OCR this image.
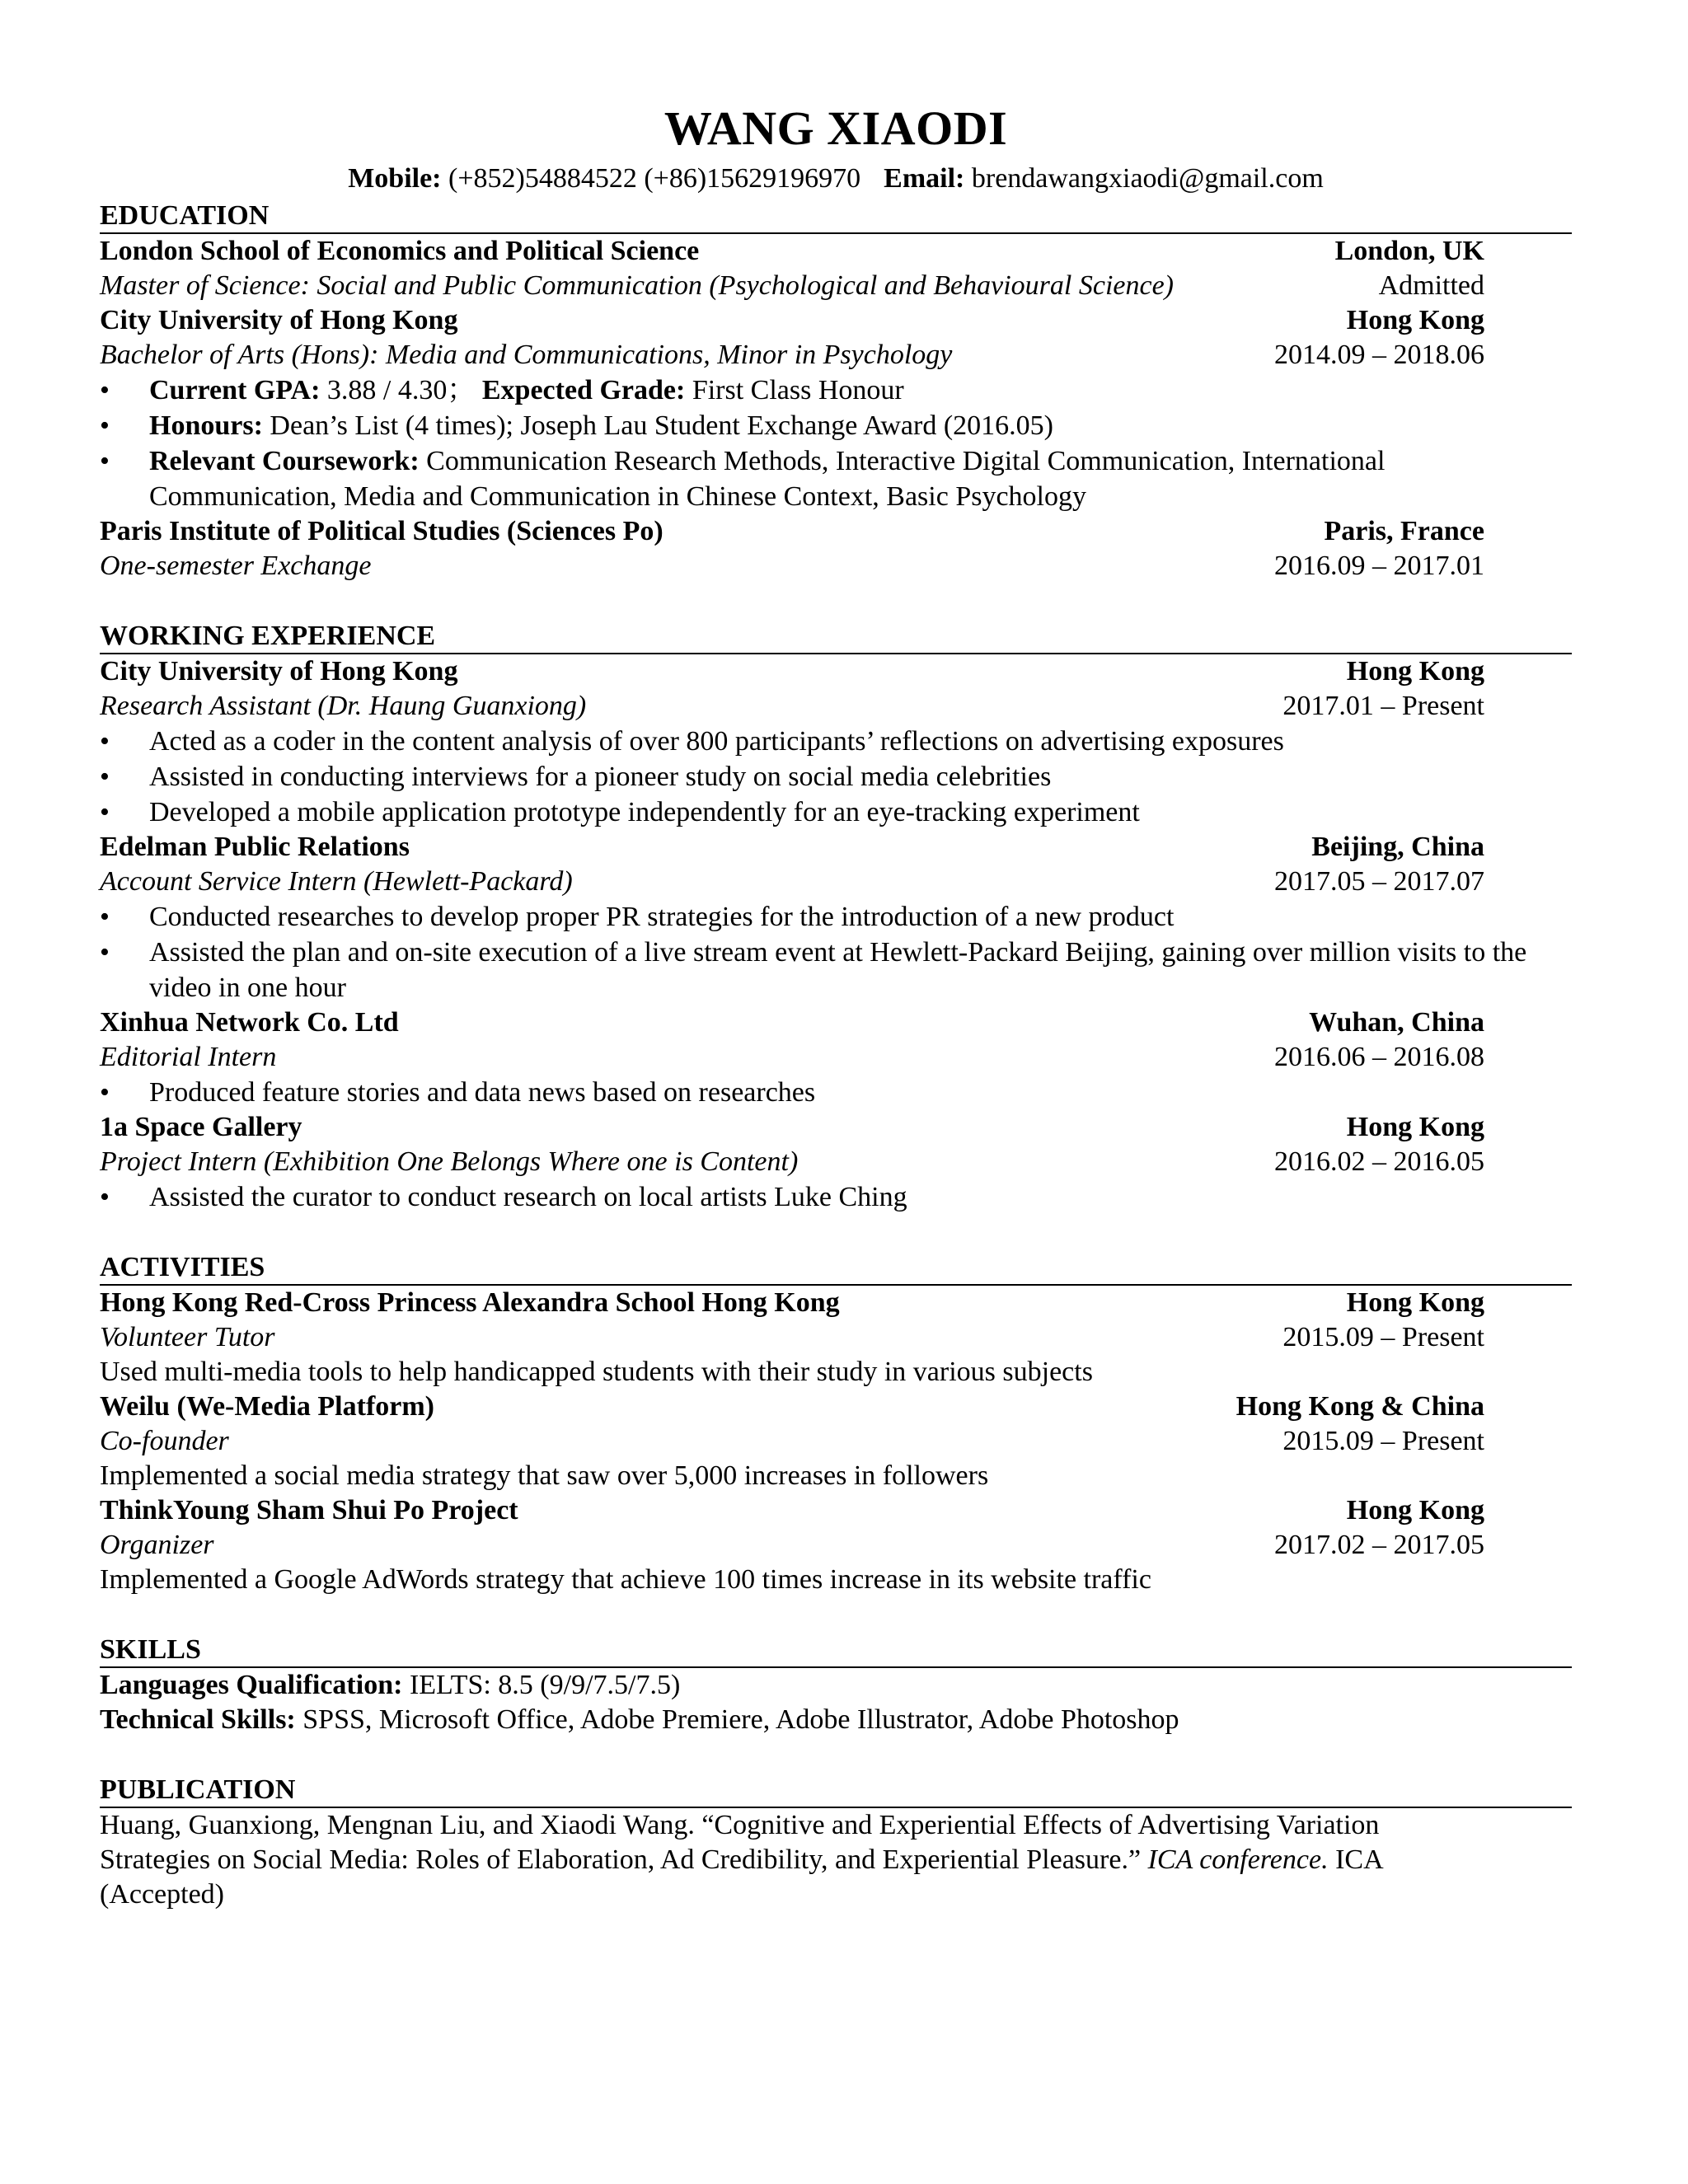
WANG XIAODI
Mobile: (+852)54884522 (+86)15629196970 Email: brendawangxiaodi@gmail.com
EDUCATION
London School of Economics and Political Science	London, UK
Master of Science: Social and Public Communication (Psychological and Behavioural Science)	Admitted
City University of Hong Kong	Hong Kong
Bachelor of Arts (Hons): Media and Communications, Minor in Psychology	2014.09 – 2018.06
• Current GPA: 3.88 / 4.30； Expected Grade: First Class Honour
• Honours: Dean’s List (4 times); Joseph Lau Student Exchange Award (2016.05)
• Relevant Coursework: Communication Research Methods, Interactive Digital Communication, International Communication, Media and Communication in Chinese Context, Basic Psychology
Paris Institute of Political Studies (Sciences Po)	Paris, France
One-semester Exchange	2016.09 – 2017.01
WORKING EXPERIENCE
City University of Hong Kong	Hong Kong
Research Assistant (Dr. Haung Guanxiong)	2017.01 – Present
• Acted as a coder in the content analysis of over 800 participants’ reflections on advertising exposures
• Assisted in conducting interviews for a pioneer study on social media celebrities
• Developed a mobile application prototype independently for an eye-tracking experiment
Edelman Public Relations	Beijing, China
Account Service Intern (Hewlett-Packard)	2017.05 – 2017.07
• Conducted researches to develop proper PR strategies for the introduction of a new product
• Assisted the plan and on-site execution of a live stream event at Hewlett-Packard Beijing, gaining over million visits to the video in one hour
Xinhua Network Co. Ltd	Wuhan, China
Editorial Intern	2016.06 – 2016.08
• Produced feature stories and data news based on researches
1a Space Gallery	Hong Kong
Project Intern (Exhibition One Belongs Where one is Content)	2016.02 – 2016.05
• Assisted the curator to conduct research on local artists Luke Ching
ACTIVITIES
Hong Kong Red-Cross Princess Alexandra School Hong Kong	Hong Kong
Volunteer Tutor	2015.09 – Present
Used multi-media tools to help handicapped students with their study in various subjects
Weilu (We-Media Platform)	Hong Kong & China
Co-founder	2015.09 – Present
Implemented a social media strategy that saw over 5,000 increases in followers
ThinkYoung Sham Shui Po Project	Hong Kong
Organizer	2017.02 – 2017.05
Implemented a Google AdWords strategy that achieve 100 times increase in its website traffic
SKILLS
Languages Qualification: IELTS: 8.5 (9/9/7.5/7.5)
Technical Skills: SPSS, Microsoft Office, Adobe Premiere, Adobe Illustrator, Adobe Photoshop
PUBLICATION
Huang, Guanxiong, Mengnan Liu, and Xiaodi Wang. “Cognitive and Experiential Effects of Advertising Variation Strategies on Social Media: Roles of Elaboration, Ad Credibility, and Experiential Pleasure.” ICA conference. ICA (Accepted)
